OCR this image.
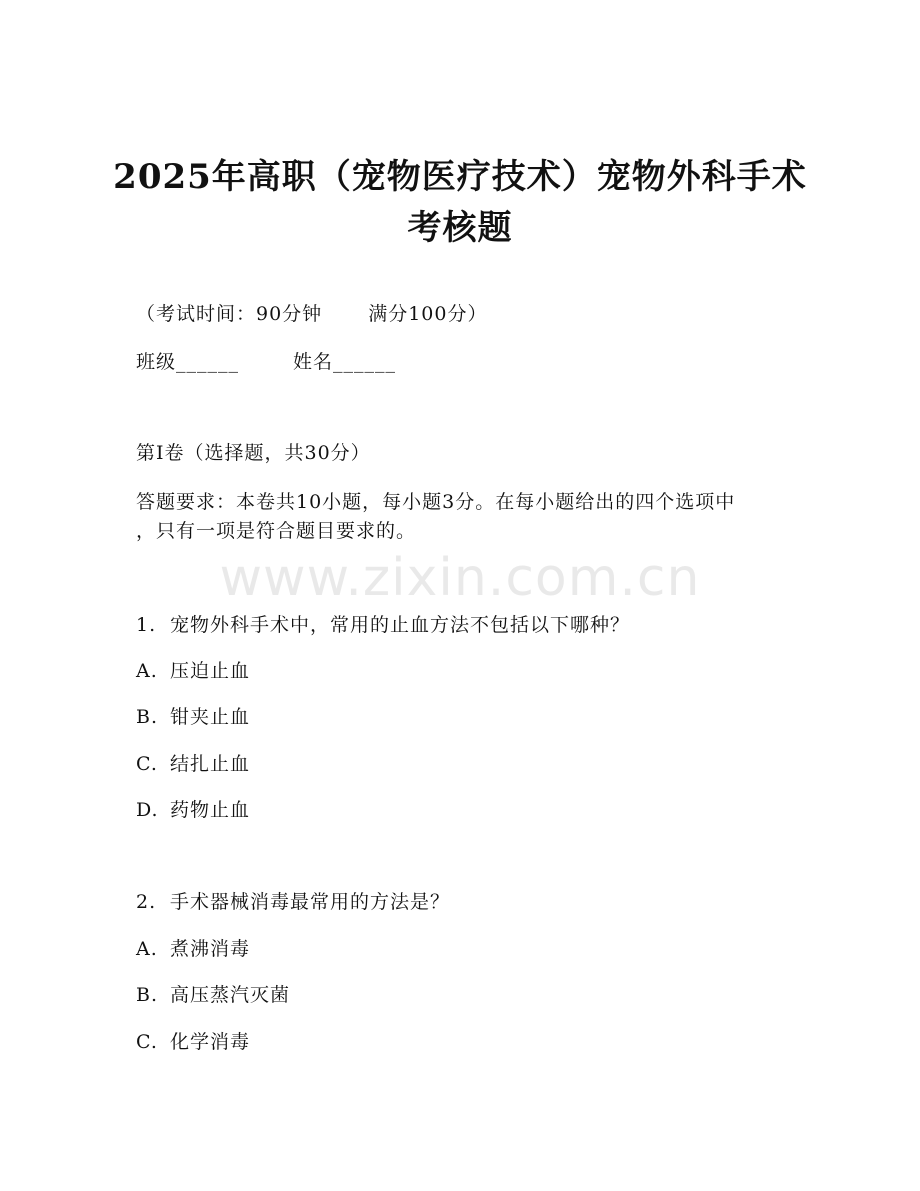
2025年高职（宠物医疗技术）宠物外科手术
考核题
（考试时间：90分钟 满分100分）
班级______	姓名______
第I卷（选择题，共30分）
答题要求：本卷共10小题，每小题3分。在每小题给出的四个选项中
，只有一项是符合题目要求的。
www.zixin.com.cn
1. 宠物外科手术中，常用的止血方法不包括以下哪种？
A. 压迫止血
B. 钳夹止血
C. 结扎止血
D. 药物止血
2. 手术器械消毒最常用的方法是？
A. 煮沸消毒
B. 高压蒸汽灭菌
C. 化学消毒
